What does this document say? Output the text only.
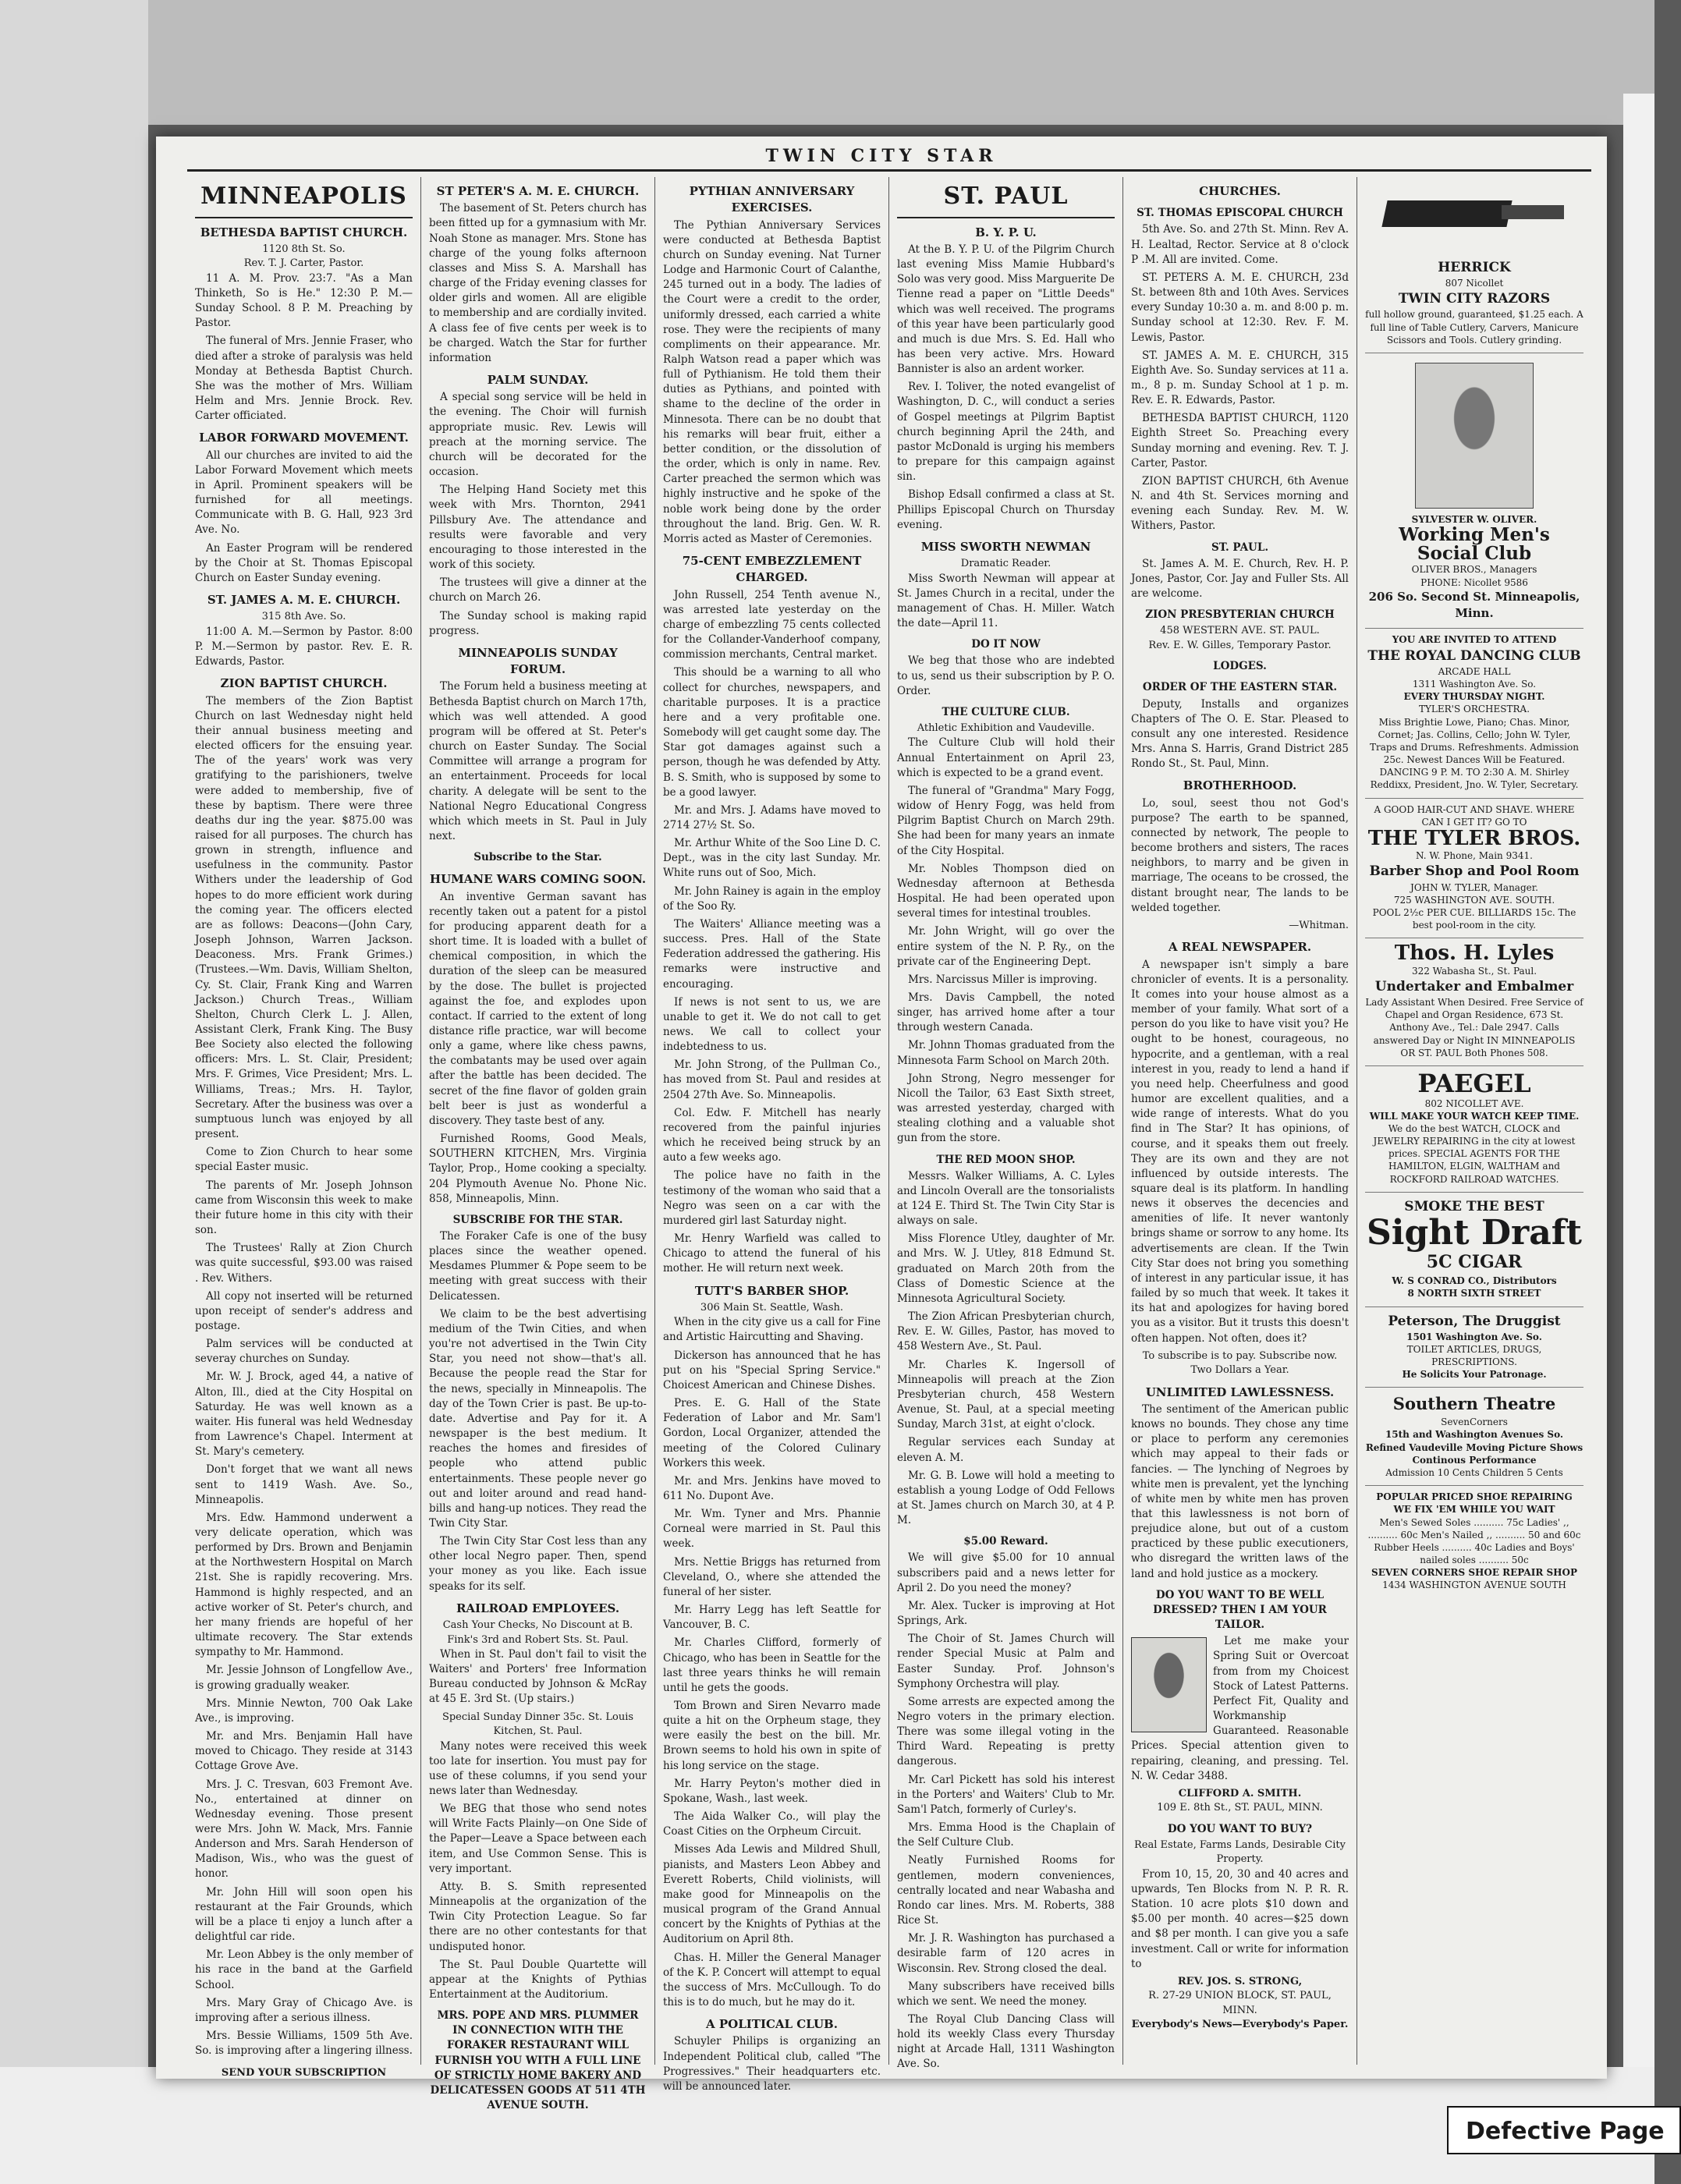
TWIN CITY STAR
MINNEAPOLIS
BETHESDA BAPTIST CHURCH.
1120 8th St. So.
Rev. T. J. Carter, Pastor.

11 A. M. Prov. 23:7. "As a Man Thinketh, So is He." 12:30 P. M.—Sunday School. 8 P. M. Preaching by Pastor.

The funeral of Mrs. Jennie Fraser, who died after a stroke of paralysis was held Monday at Bethesda Baptist Church. She was the mother of Mrs. William Helm and Mrs. Jennie Brock. Rev. Carter officiated.

LABOR FORWARD MOVEMENT.

All our churches are invited to aid the Labor Forward Movement which meets in April. Prominent speakers will be furnished for all meetings. Communicate with B. G. Hall, 923 3rd Ave. No.

An Easter Program will be rendered by the Choir at St. Thomas Episcopal Church on Easter Sunday evening.

ST. JAMES A. M. E. CHURCH.
315 8th Ave. So.

11:00 A. M.—Sermon by Pastor. 8:00 P. M.—Sermon by pastor. Rev. E. R. Edwards, Pastor.

ZION BAPTIST CHURCH.

The members of the Zion Baptist Church on last Wednesday night held their annual business meeting and elected officers for the ensuing year. The of the years' work was very gratifying to the parishioners, twelve were added to membership, five of these by baptism. There were three deaths dur ing the year. $875.00 was raised for all purposes. The church has grown in strength, influence and usefulness in the community. Pastor Withers under the leadership of God hopes to do more efficient work during the coming year. The officers elected are as follows: Deacons—(John Cary, Joseph Johnson, Warren Jackson. Deaconess. Mrs. Frank Grimes.) (Trustees.—Wm. Davis, William Shelton, Cy. St. Clair, Frank King and Warren Jackson.) Church Treas., William Shelton, Church Clerk L. J. Allen, Assistant Clerk, Frank King. The Busy Bee Society also elected the following officers: Mrs. L. St. Clair, President; Mrs. F. Grimes, Vice President; Mrs. L. Williams, Treas.; Mrs. H. Taylor, Secretary. After the business was over a sumptuous lunch was enjoyed by all present.

Come to Zion Church to hear some special Easter music.

The parents of Mr. Joseph Johnson came from Wisconsin this week to make their future home in this city with their son.

The Trustees' Rally at Zion Church was quite successful, $93.00 was raised . Rev. Withers.

All copy not inserted will be returned upon receipt of sender's address and postage.

Palm services will be conducted at severay churches on Sunday.

Mr. W. J. Brock, aged 44, a native of Alton, Ill., died at the City Hospital on Saturday. He was well known as a waiter. His funeral was held Wednesday from Lawrence's Chapel. Interment at St. Mary's cemetery.

Don't forget that we want all news sent to 1419 Wash. Ave. So., Minneapolis.

Mrs. Edw. Hammond underwent a very delicate operation, which was performed by Drs. Brown and Benjamin at the Northwestern Hospital on March 21st. She is rapidly recovering. Mrs. Hammond is highly respected, and an active worker of St. Peter's church, and her many friends are hopeful of her ultimate recovery. The Star extends sympathy to Mr. Hammond.

Mr. Jessie Johnson of Longfellow Ave., is growing gradually weaker.

Mrs. Minnie Newton, 700 Oak Lake Ave., is improving.

Mr. and Mrs. Benjamin Hall have moved to Chicago. They reside at 3143 Cottage Grove Ave.

Mrs. J. C. Tresvan, 603 Fremont Ave. No., entertained at dinner on Wednesday evening. Those present were Mrs. John W. Mack, Mrs. Fannie Anderson and Mrs. Sarah Henderson of Madison, Wis., who was the guest of honor.

Mr. John Hill will soon open his restaurant at the Fair Grounds, which will be a place ti enjoy a lunch after a delightful car ride.

Mr. Leon Abbey is the only member of his race in the band at the Garfield School.

Mrs. Mary Gray of Chicago Ave. is improving after a serious illness.

Mrs. Bessie Williams, 1509 5th Ave. So. is improving after a lingering illness.

SEND YOUR SUBSCRIPTION
ST PETER'S A. M. E. CHURCH.

The basement of St. Peters church has been fitted up for a gymnasium with Mr. Noah Stone as manager. Mrs. Stone has charge of the young folks afternoon classes and Miss S. A. Marshall has charge of the Friday evening classes for older girls and women. All are eligible to membership and are cordially invited. A class fee of five cents per week is to be charged. Watch the Star for further information

PALM SUNDAY.

A special song service will be held in the evening. The Choir will furnish appropriate music. Rev. Lewis will preach at the morning service. The church will be decorated for the occasion.

The Helping Hand Society met this week with Mrs. Thornton, 2941 Pillsbury Ave. The attendance and results were favorable and very encouraging to those interested in the work of this society.

The trustees will give a dinner at the church on March 26.

The Sunday school is making rapid progress.

MINNEAPOLIS SUNDAY FORUM.

The Forum held a business meeting at Bethesda Baptist church on March 17th, which was well attended. A good program will be offered at St. Peter's church on Easter Sunday. The Social Committee will arrange a program for an entertainment. Proceeds for local charity. A delegate will be sent to the National Negro Educational Congress which which meets in St. Paul in July next.

Subscribe to the Star.
HUMANE WARS COMING SOON.

An inventive German savant has recently taken out a patent for a pistol for producing apparent death for a short time. It is loaded with a bullet of chemical composition, in which the duration of the sleep can be measured by the dose. The bullet is projected against the foe, and explodes upon contact. If carried to the extent of long distance rifle practice, war will become only a game, where like chess pawns, the combatants may be used over again after the battle has been decided. The secret of the fine flavor of golden grain belt beer is just as wonderful a discovery. They taste best of any.

Furnished Rooms, Good Meals, SOUTHERN KITCHEN, Mrs. Virginia Taylor, Prop., Home cooking a specialty. 204 Plymouth Avenue No. Phone Nic. 858, Minneapolis, Minn.

SUBSCRIBE FOR THE STAR.

The Foraker Cafe is one of the busy places since the weather opened. Mesdames Plummer & Pope seem to be meeting with great success with their Delicatessen.

We claim to be the best advertising medium of the Twin Cities, and when you're not advertised in the Twin City Star, you need not show—that's all. Because the people read the Star for the news, specially in Minneapolis. The day of the Town Crier is past. Be up-to-date. Advertise and Pay for it. A newspaper is the best medium. It reaches the homes and firesides of people who attend public entertainments. These people never go out and loiter around and read hand-bills and hang-up notices. They read the Twin City Star.

The Twin City Star Cost less than any other local Negro paper. Then, spend your money as you like. Each issue speaks for its self.

RAILROAD EMPLOYEES.
Cash Your Checks, No Discount at B. Fink's 3rd and Robert Sts. St. Paul.

When in St. Paul don't fail to visit the Waiters' and Porters' free Information Bureau conducted by Johnson & McRay at 45 E. 3rd St. (Up stairs.)

Special Sunday Dinner 35c. St. Louis Kitchen, St. Paul.

Many notes were received this week too late for insertion. You must pay for use of these columns, if you send your news later than Wednesday.

We BEG that those who send notes will Write Facts Plainly—on One Side of the Paper—Leave a Space between each item, and Use Common Sense. This is very important.

Atty. B. S. Smith represented Minneapolis at the organization of the Twin City Protection League. So far there are no other contestants for that undisputed honor.

The St. Paul Double Quartette will appear at the Knights of Pythias Entertainment at the Auditorium.

MRS. POPE AND MRS. PLUMMER IN CONNECTION WITH THE FORAKER RESTAURANT WILL FURNISH YOU WITH A FULL LINE OF STRICTLY HOME BAKERY AND DELICATESSEN GOODS AT 511 4TH AVENUE SOUTH.
PYTHIAN ANNIVERSARY EXERCISES.

The Pythian Anniversary Services were conducted at Bethesda Baptist church on Sunday evening. Nat Turner Lodge and Harmonic Court of Calanthe, 245 turned out in a body. The ladies of the Court were a credit to the order, uniformly dressed, each carried a white rose. They were the recipients of many compliments on their appearance. Mr. Ralph Watson read a paper which was full of Pythianism. He told them their duties as Pythians, and pointed with shame to the decline of the order in Minnesota. There can be no doubt that his remarks will bear fruit, either a better condition, or the dissolution of the order, which is only in name. Rev. Carter preached the sermon which was highly instructive and he spoke of the noble work being done by the order throughout the land. Brig. Gen. W. R. Morris acted as Master of Ceremonies.

75-CENT EMBEZZLEMENT CHARGED.

John Russell, 254 Tenth avenue N., was arrested late yesterday on the charge of embezzling 75 cents collected for the Collander-Vanderhoof company, commission merchants, Central market.

This should be a warning to all who collect for churches, newspapers, and charitable purposes. It is a practice here and a very profitable one. Somebody will get caught some day. The Star got damages against such a person, though he was defended by Atty. B. S. Smith, who is supposed by some to be a good lawyer.

Mr. and Mrs. J. Adams have moved to 2714 27½ St. So.

Mr. Arthur White of the Soo Line D. C. Dept., was in the city last Sunday. Mr. White runs out of Soo, Mich.

Mr. John Rainey is again in the employ of the Soo Ry.

The Waiters' Alliance meeting was a success. Pres. Hall of the State Federation addressed the gathering. His remarks were instructive and encouraging.

If news is not sent to us, we are unable to get it. We do not call to get news. We call to collect your indebtedness to us.

Mr. John Strong, of the Pullman Co., has moved from St. Paul and resides at 2504 27th Ave. So. Minneapolis.

Col. Edw. F. Mitchell has nearly recovered from the painful injuries which he received being struck by an auto a few weeks ago.

The police have no faith in the testimony of the woman who said that a Negro was seen on a car with the murdered girl last Saturday night.

Mr. Henry Warfield was called to Chicago to attend the funeral of his mother. He will return next week.

TUTT'S BARBER SHOP.
306 Main St. Seattle, Wash.

When in the city give us a call for Fine and Artistic Haircutting and Shaving.

Dickerson has announced that he has put on his "Special Spring Service." Choicest American and Chinese Dishes.

Pres. E. G. Hall of the State Federation of Labor and Mr. Sam'l Gordon, Local Organizer, attended the meeting of the Colored Culinary Workers this week.

Mr. and Mrs. Jenkins have moved to 611 No. Dupont Ave.

Mr. Wm. Tyner and Mrs. Phannie Corneal were married in St. Paul this week.

Mrs. Nettie Briggs has returned from Cleveland, O., where she attended the funeral of her sister.

Mr. Harry Legg has left Seattle for Vancouver, B. C.

Mr. Charles Clifford, formerly of Chicago, who has been in Seattle for the last three years thinks he will remain until he gets the goods.

Tom Brown and Siren Nevarro made quite a hit on the Orpheum stage, they were easily the best on the bill. Mr. Brown seems to hold his own in spite of his long service on the stage.

Mr. Harry Peyton's mother died in Spokane, Wash., last week.

The Aida Walker Co., will play the Coast Cities on the Orpheum Circuit.

Misses Ada Lewis and Mildred Shull, pianists, and Masters Leon Abbey and Everett Roberts, Child violinists, will make good for Minneapolis on the musical program of the Grand Annual concert by the Knights of Pythias at the Auditorium on April 8th.

Chas. H. Miller the General Manager of the K. P. Concert will attempt to equal the success of Mrs. McCullough. To do this is to do much, but he may do it.

A POLITICAL CLUB.

Schuyler Philips is organizing an Independent Political club, called "The Progressives." Their headquarters etc. will be announced later.

ST. PAUL
B. Y. P. U.

At the B. Y. P. U. of the Pilgrim Church last evening Miss Mamie Hubbard's Solo was very good. Miss Marguerite De Tienne read a paper on "Little Deeds" which was well received. The programs of this year have been particularly good and much is due Mrs. S. Ed. Hall who has been very active. Mrs. Howard Bannister is also an ardent worker.

Rev. I. Toliver, the noted evangelist of Washington, D. C., will conduct a series of Gospel meetings at Pilgrim Baptist church beginning April the 24th, and pastor McDonald is urging his members to prepare for this campaign against sin.

Bishop Edsall confirmed a class at St. Phillips Episcopal Church on Thursday evening.

MISS SWORTH NEWMAN
Dramatic Reader.

Miss Sworth Newman will appear at St. James Church in a recital, under the management of Chas. H. Miller. Watch the date—April 11.

DO IT NOW

We beg that those who are indebted to us, send us their subscription by P. O. Order.

THE CULTURE CLUB.
Athletic Exhibition and Vaudeville.

The Culture Club will hold their Annual Entertainment on April 23, which is expected to be a grand event.

The funeral of "Grandma" Mary Fogg, widow of Henry Fogg, was held from Pilgrim Baptist Church on March 29th. She had been for many years an inmate of the City Hospital.

Mr. Nobles Thompson died on Wednesday afternoon at Bethesda Hospital. He had been operated upon several times for intestinal troubles.

Mr. John Wright, will go over the entire system of the N. P. Ry., on the private car of the Engineering Dept.

Mrs. Narcissus Miller is improving.

Mrs. Davis Campbell, the noted singer, has arrived home after a tour through western Canada.

Mr. Johnn Thomas graduated from the Minnesota Farm School on March 20th.

John Strong, Negro messenger for Nicoll the Tailor, 63 East Sixth street, was arrested yesterday, charged with stealing clothing and a valuable shot gun from the store.

THE RED MOON SHOP.

Messrs. Walker Williams, A. C. Lyles and Lincoln Overall are the tonsorialists at 124 E. Third St. The Twin City Star is always on sale.

Miss Florence Utley, daughter of Mr. and Mrs. W. J. Utley, 818 Edmund St. graduated on March 20th from the Class of Domestic Science at the Minnesota Agricultural Society.

The Zion African Presbyterian church, Rev. E. W. Gilles, Pastor, has moved to 458 Western Ave., St. Paul.

Mr. Charles K. Ingersoll of Minneapolis will preach at the Zion Presbyterian church, 458 Western Avenue, St. Paul, at a special meeting Sunday, March 31st, at eight o'clock.

Regular services each Sunday at eleven A. M.

Mr. G. B. Lowe will hold a meeting to establish a young Lodge of Odd Fellows at St. James church on March 30, at 4 P. M.

$5.00 Reward.

We will give $5.00 for 10 annual subscribers paid and a news letter for April 2. Do you need the money?

Mr. Alex. Tucker is improving at Hot Springs, Ark.

The Choir of St. James Church will render Special Music at Palm and Easter Sunday. Prof. Johnson's Symphony Orchestra will play.

Some arrests are expected among the Negro voters in the primary election. There was some illegal voting in the Third Ward. Repeating is pretty dangerous.

Mr. Carl Pickett has sold his interest in the Porters' and Waiters' Club to Mr. Sam'l Patch, formerly of Curley's.

Mrs. Emma Hood is the Chaplain of the Self Culture Club.

Neatly Furnished Rooms for gentlemen, modern conveniences, centrally located and near Wabasha and Rondo car lines. Mrs. M. Roberts, 388 Rice St.

Mr. J. R. Washington has purchased a desirable farm of 120 acres in Wisconsin. Rev. Strong closed the deal.

Many subscribers have received bills which we sent. We need the money.

The Royal Club Dancing Class will hold its weekly Class every Thursday night at Arcade Hall, 1311 Washington Ave. So.

CHURCHES.
ST. THOMAS EPISCOPAL CHURCH

5th Ave. So. and 27th St. Minn. Rev A. H. Lealtad, Rector. Service at 8 o'clock P .M. All are invited. Come.

ST. PETERS A. M. E. CHURCH, 23d St. between 8th and 10th Aves. Services every Sunday 10:30 a. m. and 8:00 p. m. Sunday school at 12:30. Rev. F. M. Lewis, Pastor.

ST. JAMES A. M. E. CHURCH, 315 Eighth Ave. So. Sunday services at 11 a. m., 8 p. m. Sunday School at 1 p. m. Rev. E. R. Edwards, Pastor.

BETHESDA BAPTIST CHURCH, 1120 Eighth Street So. Preaching every Sunday morning and evening. Rev. T. J. Carter, Pastor.

ZION BAPTIST CHURCH, 6th Avenue N. and 4th St. Services morning and evening each Sunday. Rev. M. W. Withers, Pastor.

ST. PAUL.

St. James A. M. E. Church, Rev. H. P. Jones, Pastor, Cor. Jay and Fuller Sts. All are welcome.

ZION PRESBYTERIAN CHURCH
458 WESTERN AVE. ST. PAUL.
Rev. E. W. Gilles, Temporary Pastor.
LODGES.
ORDER OF THE EASTERN STAR.

Deputy, Installs and organizes Chapters of The O. E. Star. Pleased to consult any one interested. Residence Mrs. Anna S. Harris, Grand District 285 Rondo St., St. Paul, Minn.

BROTHERHOOD.

Lo, soul, seest thou not God's purpose? The earth to be spanned, connected by network, The people to become brothers and sisters, The races neighbors, to marry and be given in marriage, The oceans to be crossed, the distant brought near, The lands to be welded together.

—Whitman.
A REAL NEWSPAPER.

A newspaper isn't simply a bare chronicler of events. It is a personality. It comes into your house almost as a member of your family. What sort of a person do you like to have visit you? He ought to be honest, courageous, no hypocrite, and a gentleman, with a real interest in you, ready to lend a hand if you need help. Cheerfulness and good humor are excellent qualities, and a wide range of interests. What do you find in The Star? It has opinions, of course, and it speaks them out freely. They are its own and they are not influenced by outside interests. The square deal is its platform. In handling news it observes the decencies and amenities of life. It never wantonly brings shame or sorrow to any home. Its advertisements are clean. If the Twin City Star does not bring you something of interest in any particular issue, it has failed by so much that week. It takes it its hat and apologizes for having bored you as a visitor. But it trusts this doesn't often happen. Not often, does it?

To subscribe is to pay. Subscribe now. Two Dollars a Year.
UNLIMITED LAWLESSNESS.

The sentiment of the American public knows no bounds. They chose any time or place to perform any ceremonies which may appeal to their fads or fancies. — The lynching of Negroes by white men is prevalent, yet the lynching of white men by white men has proven that this lawlessness is not born of prejudice alone, but out of a custom practiced by these public executioners, who disregard the written laws of the land and hold justice as a mockery.

DO YOU WANT TO BE WELL DRESSED? THEN I AM YOUR TAILOR.

Let me make your Spring Suit or Overcoat from from my Choicest Stock of Latest Patterns. Perfect Fit, Quality and Workmanship Guaranteed. Reasonable Prices. Special attention given to repairing, cleaning, and pressing. Tel. N. W. Cedar 3488.

CLIFFORD A. SMITH.
109 E. 8th St., ST. PAUL, MINN.
DO YOU WANT TO BUY?
Real Estate, Farms Lands, Desirable City Property.

From 10, 15, 20, 30 and 40 acres and upwards, Ten Blocks from N. P. R. R. Station. 10 acre plots $10 down and $5.00 per month. 40 acres—$25 down and $8 per month. I can give you a safe investment. Call or write for information to

REV. JOS. S. STRONG,
R. 27-29 UNION BLOCK, ST. PAUL, MINN.
Everybody's News—Everybody's Paper.
HERRICK
807 Nicollet
TWIN CITY RAZORS
full hollow ground, guaranteed, $1.25 each. A full line of Table Cutlery, Carvers, Manicure Scissors and Tools. Cutlery grinding.
SYLVESTER W. OLIVER.
Working Men's Social Club
OLIVER BROS., Managers
PHONE: Nicollet 9586
206 So. Second St. Minneapolis, Minn.
YOU ARE INVITED TO ATTEND
THE ROYAL DANCING CLUB
ARCADE HALL
1311 Washington Ave. So.
EVERY THURSDAY NIGHT.
TYLER'S ORCHESTRA.
Miss Brightie Lowe, Piano; Chas. Minor, Cornet; Jas. Collins, Cello; John W. Tyler, Traps and Drums. Refreshments. Admission 25c. Newest Dances Will be Featured. DANCING 9 P. M. TO 2:30 A. M. Shirley Reddixx, President, Jno. W. Tyler, Secretary.
A GOOD HAIR-CUT AND SHAVE. WHERE CAN I GET IT? GO TO
THE TYLER BROS.
N. W. Phone, Main 9341.
Barber Shop and Pool Room
JOHN W. TYLER, Manager.
725 WASHINGTON AVE. SOUTH.
POOL 2½c PER CUE. BILLIARDS 15c. The best pool-room in the city.
Thos. H. Lyles
322 Wabasha St., St. Paul.
Undertaker and Embalmer
Lady Assistant When Desired. Free Service of Chapel and Organ Residence, 673 St. Anthony Ave., Tel.: Dale 2947. Calls answered Day or Night IN MINNEAPOLIS OR ST. PAUL Both Phones 508.
PAEGEL
802 NICOLLET AVE.
WILL MAKE YOUR WATCH KEEP TIME.
We do the best WATCH, CLOCK and JEWELRY REPAIRING in the city at lowest prices. SPECIAL AGENTS FOR THE HAMILTON, ELGIN, WALTHAM and ROCKFORD RAILROAD WATCHES.
SMOKE THE BEST
Sight Draft
5C CIGAR
W. S CONRAD CO., Distributors
8 NORTH SIXTH STREET
Peterson, The Druggist
1501 Washington Ave. So.
TOILET ARTICLES, DRUGS, PRESCRIPTIONS.
He Solicits Your Patronage.
Southern Theatre
SevenCorners
15th and Washington Avenues So.
Refined Vaudeville Moving Picture Shows Continous Performance
Admission 10 Cents Children 5 Cents
POPULAR PRICED SHOE REPAIRING
WE FIX 'EM WHILE YOU WAIT
Men's Sewed Soles .......... 75c Ladies' ,, .......... 60c Men's Nailed ,, .......... 50 and 60c Rubber Heels .......... 40c Ladies and Boys' nailed soles .......... 50c
SEVEN CORNERS SHOE REPAIR SHOP
1434 WASHINGTON AVENUE SOUTH
Defective Page
